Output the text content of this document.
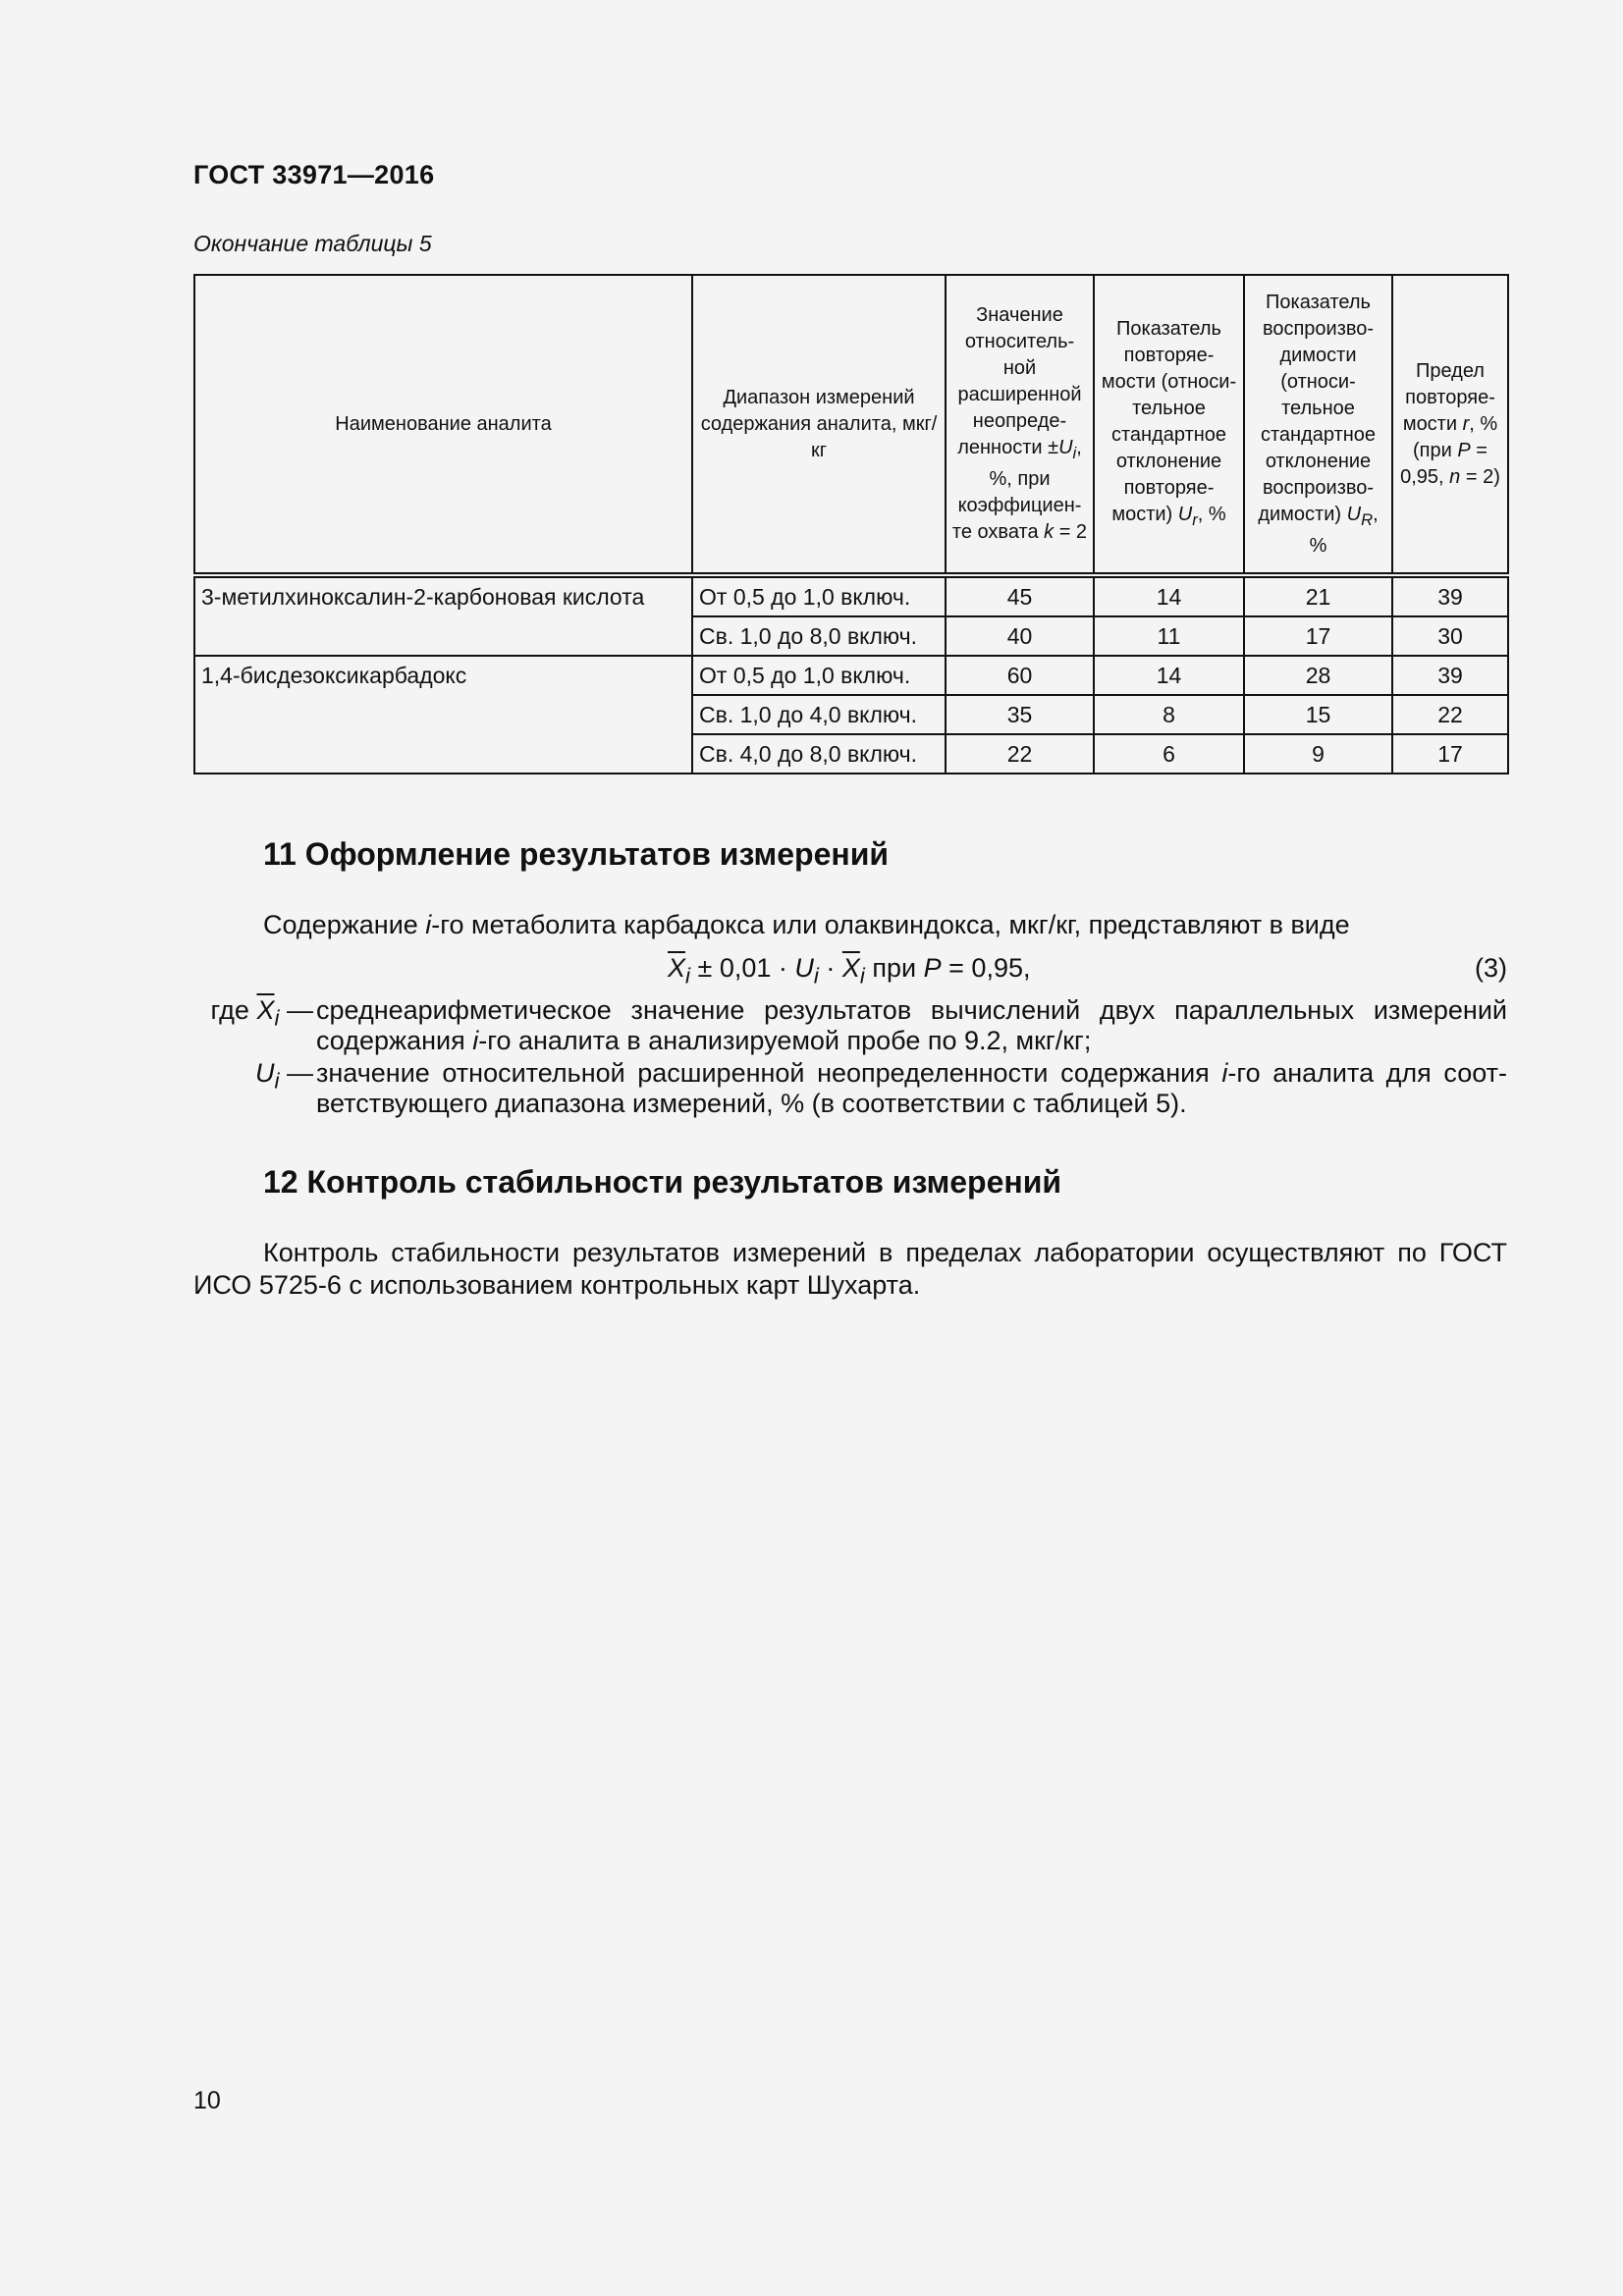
ГОСТ 33971—2016
Окончание таблицы 5
Наименование аналита	Диапазон измерений содержания аналита, мкг/кг	Значение относитель-ной расширенной неопреде-ленности $\pm U_i$, %, при коэффициен-те охвата k = 2	Показатель повторяе-мости (относи-тельное стандартное отклонение повторяе-мости) $U_r$, %	Показатель воспроизво-димости (относи-тельное стандартное отклонение воспроизво-димости) $U_R$, %	Предел повторяе-мости r, % (при P = 0,95, n = 2)
3-метилхиноксалин-2-карбоновая кислота	От 0,5 до 1,0 включ.	45	14	21	39
	Св. 1,0 до 8,0 включ.	40	11	17	30
1,4-бисдезоксикарбадокс	От 0,5 до 1,0 включ.	60	14	28	39
	Св. 1,0 до 4,0 включ.	35	8	15	22
	Св. 4,0 до 8,0 включ.	22	6	9	17
11 Оформление результатов измерений
Содержание i-го метаболита карбадокса или олаквиндокса, мкг/кг, представляют в виде
$\overline{X}_i \pm 0,01 \cdot U_i \cdot \overline{X}_i$ при P = 0,95,	(3)
где $\overline{X}_i$ — среднеарифметическое значение результатов вычислений двух параллельных измерений содержания i-го аналита в анализируемой пробе по 9.2, мкг/кг;
$U_i$ — значение относительной расширенной неопределенности содержания i-го аналита для соот-ветствующего диапазона измерений, % (в соответствии с таблицей 5).
12 Контроль стабильности результатов измерений
Контроль стабильности результатов измерений в пределах лаборатории осуществляют по ГОСТ ИСО 5725-6 с использованием контрольных карт Шухарта.
10
